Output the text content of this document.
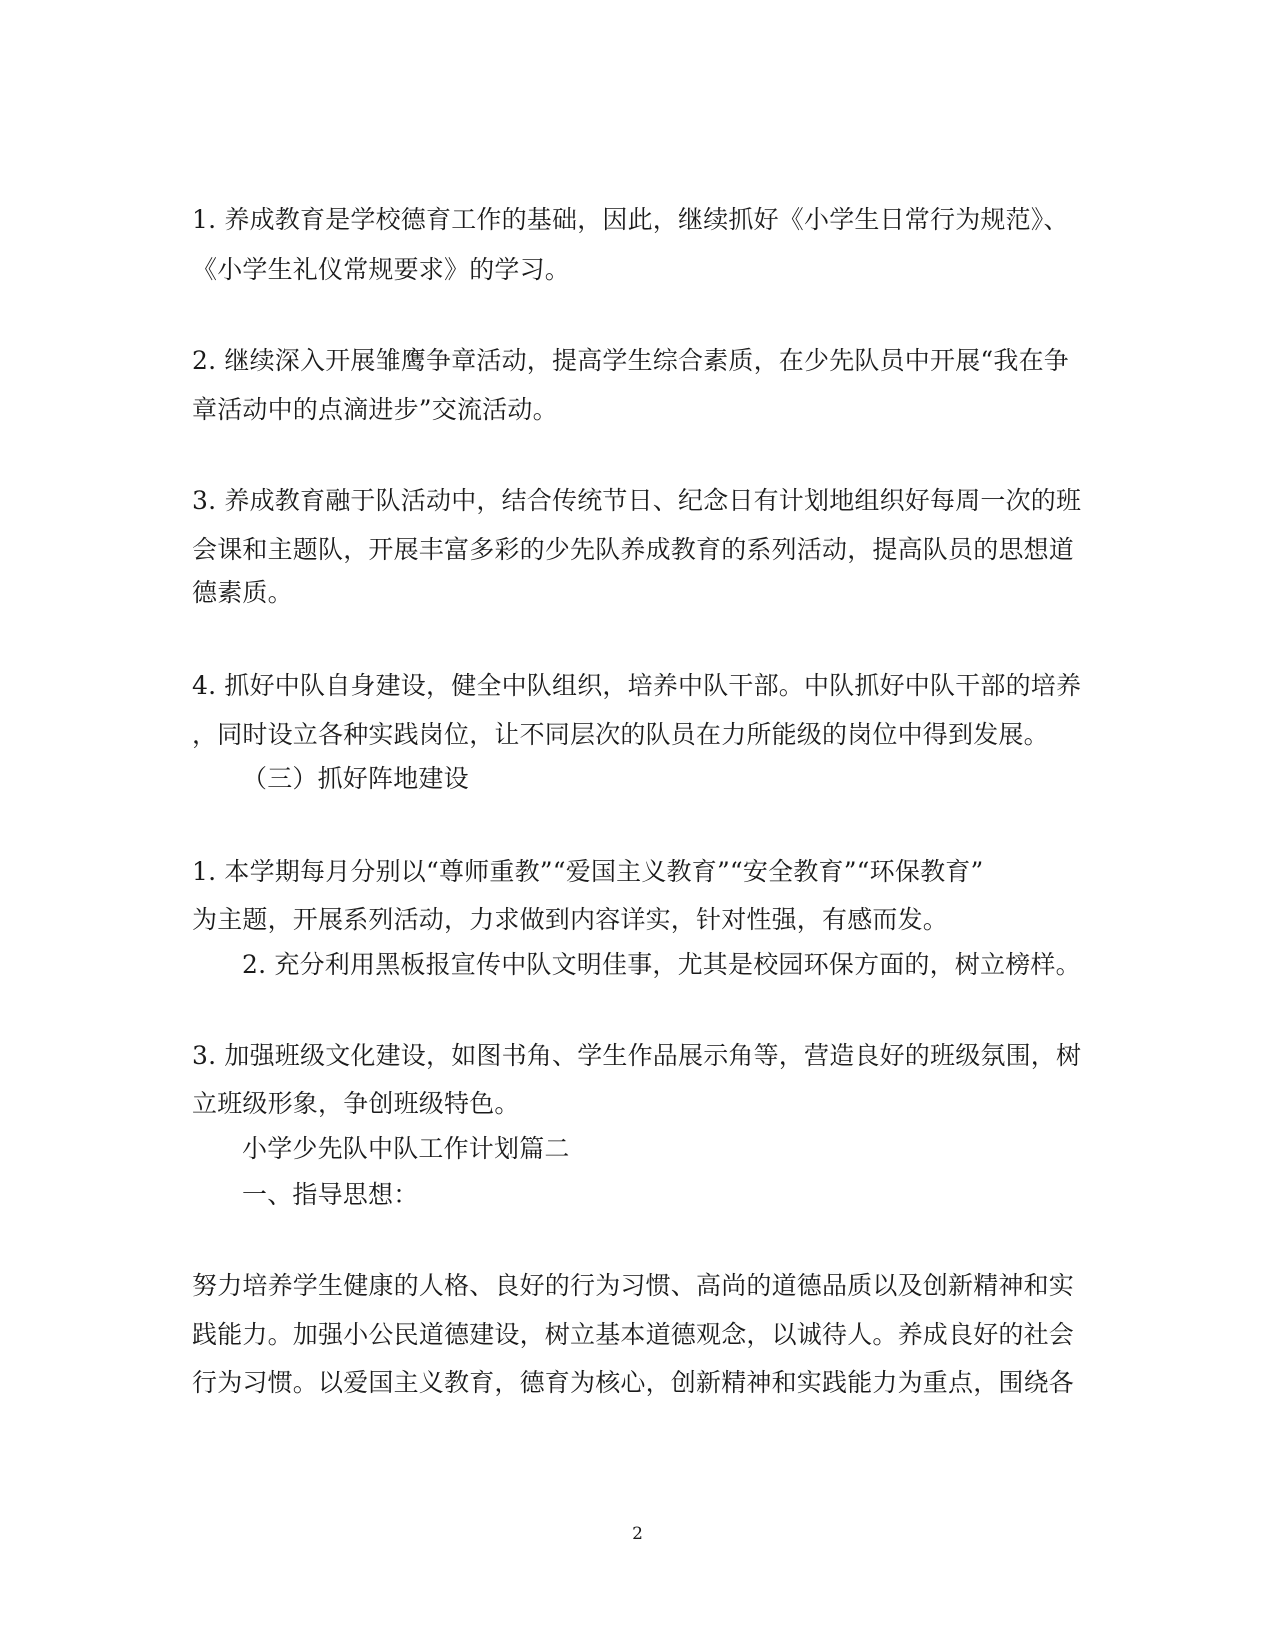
1. 养成教育是学校德育工作的基础，因此，继续抓好《小学生日常行为规范》、
《小学生礼仪常规要求》的学习。
2. 继续深入开展雏鹰争章活动，提高学生综合素质，在少先队员中开展“我在争
章活动中的点滴进步”交流活动。
3. 养成教育融于队活动中，结合传统节日、纪念日有计划地组织好每周一次的班
会课和主题队，开展丰富多彩的少先队养成教育的系列活动，提高队员的思想道
德素质。
4. 抓好中队自身建设，健全中队组织，培养中队干部。中队抓好中队干部的培养
，同时设立各种实践岗位，让不同层次的队员在力所能级的岗位中得到发展。
（三）抓好阵地建设
1. 本学期每月分别以“尊师重教”“爱国主义教育”“安全教育”“环保教育”
为主题，开展系列活动，力求做到内容详实，针对性强，有感而发。
2. 充分利用黑板报宣传中队文明佳事，尤其是校园环保方面的，树立榜样。
3. 加强班级文化建设，如图书角、学生作品展示角等，营造良好的班级氛围，树
立班级形象，争创班级特色。
小学少先队中队工作计划篇二
一、指导思想：
努力培养学生健康的人格、良好的行为习惯、高尚的道德品质以及创新精神和实
践能力。加强小公民道德建设，树立基本道德观念，以诚待人。养成良好的社会
行为习惯。以爱国主义教育，德育为核心，创新精神和实践能力为重点，围绕各
2
